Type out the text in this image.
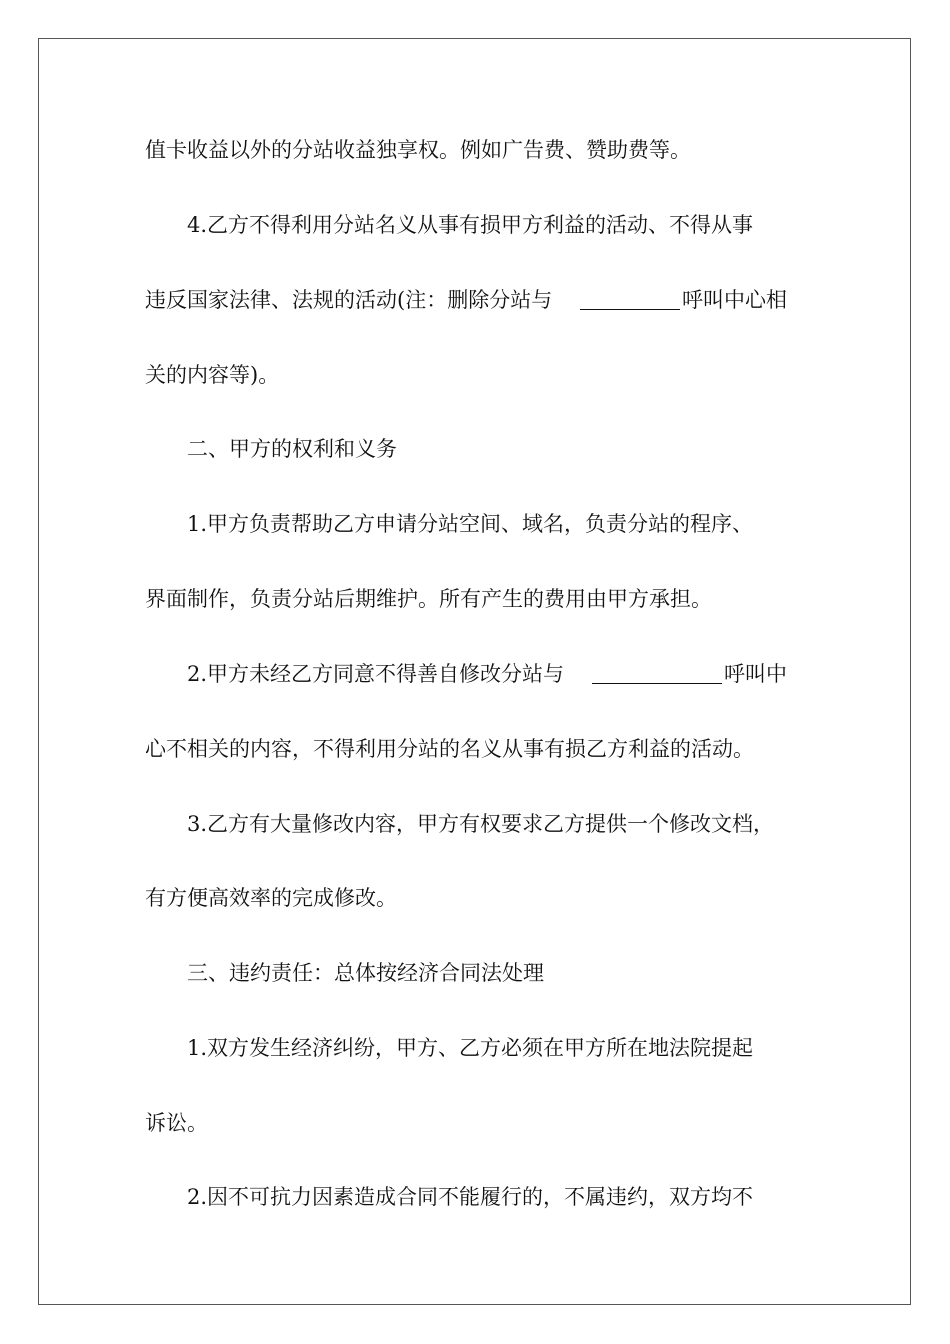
值卡收益以外的分站收益独享权。例如广告费、赞助费等。
4.乙方不得利用分站名义从事有损甲方利益的活动、不得从事
违反国家法律、法规的活动(注：删除分站与	呼叫中心相
关的内容等)。
二、甲方的权利和义务
1.甲方负责帮助乙方申请分站空间、域名，负责分站的程序、
界面制作，负责分站后期维护。所有产生的费用由甲方承担。
2.甲方未经乙方同意不得善自修改分站与	呼叫中
心不相关的内容，不得利用分站的名义从事有损乙方利益的活动。
3.乙方有大量修改内容，甲方有权要求乙方提供一个修改文档，
有方便高效率的完成修改。
三、违约责任：总体按经济合同法处理
1.双方发生经济纠纷，甲方、乙方必须在甲方所在地法院提起
诉讼。
2.因不可抗力因素造成合同不能履行的，不属违约，双方均不
